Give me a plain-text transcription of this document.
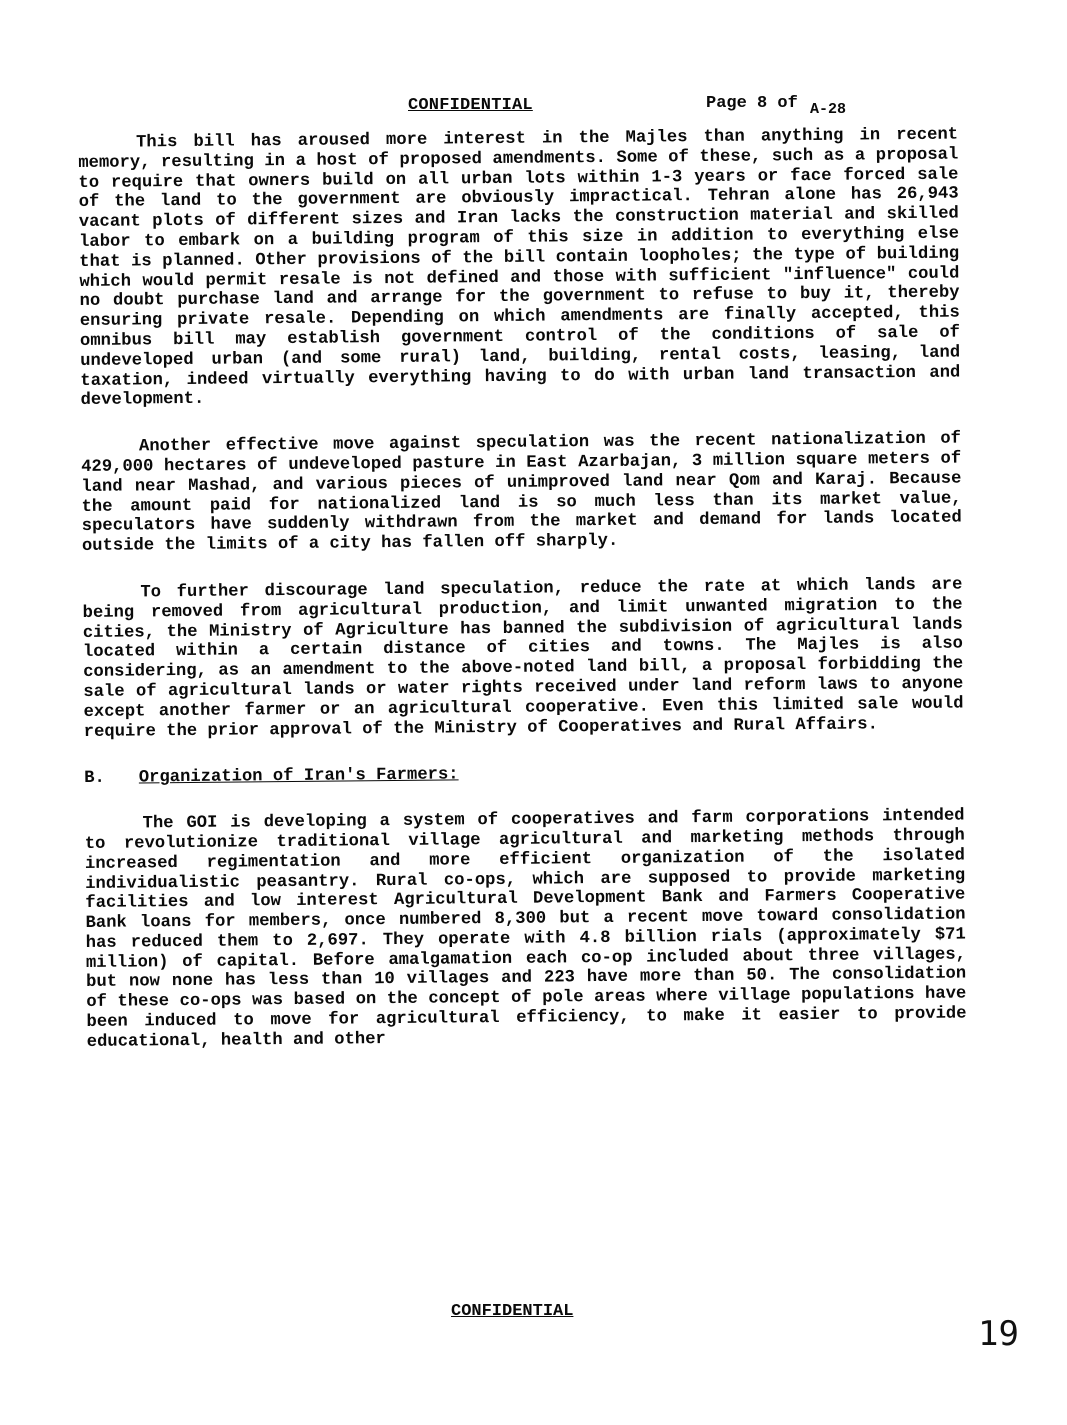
CONFIDENTIAL	Page 8 of A-28

This bill has aroused more interest in the Majles than anything in recent memory, resulting in a host of proposed amendments. Some of these, such as a proposal to require that owners build on all urban lots within 1-3 years or face forced sale of the land to the government are obviously impractical. Tehran alone has 26,943 vacant plots of different sizes and Iran lacks the construction material and skilled labor to embark on a building program of this size in addition to everything else that is planned. Other provisions of the bill contain loopholes; the type of building which would permit resale is not defined and those with sufficient "influence" could no doubt purchase land and arrange for the government to refuse to buy it, thereby ensuring private resale. Depending on which amendments are finally accepted, this omnibus bill may establish government control of the conditions of sale of undeveloped urban (and some rural) land, building, rental costs, leasing, land taxation, indeed virtually everything having to do with urban land transaction and development.

Another effective move against speculation was the recent nationalization of 429,000 hectares of undeveloped pasture in East Azarbajan, 3 million square meters of land near Mashad, and various pieces of unimproved land near Qom and Karaj. Because the amount paid for nationalized land is so much less than its market value, speculators have suddenly withdrawn from the market and demand for lands located outside the limits of a city has fallen off sharply.

To further discourage land speculation, reduce the rate at which lands are being removed from agricultural production, and limit unwanted migration to the cities, the Ministry of Agriculture has banned the subdivision of agricultural lands located within a certain distance of cities and towns. The Majles is also considering, as an amendment to the above-noted land bill, a proposal forbidding the sale of agricultural lands or water rights received under land reform laws to anyone except another farmer or an agricultural cooperative. Even this limited sale would require the prior approval of the Ministry of Cooperatives and Rural Affairs.

B. Organization of Iran's Farmers:

The GOI is developing a system of cooperatives and farm corporations intended to revolutionize traditional village agricultural and marketing methods through increased regimentation and more efficient organization of the isolated individualistic peasantry. Rural co-ops, which are supposed to provide marketing facilities and low interest Agricultural Development Bank and Farmers Cooperative Bank loans for members, once numbered 8,300 but a recent move toward consolidation has reduced them to 2,697. They operate with 4.8 billion rials (approximately $71 million) of capital. Before amalgamation each co-op included about three villages, but now none has less than 10 villages and 223 have more than 50. The consolidation of these co-ops was based on the concept of pole areas where village populations have been induced to move for agricultural efficiency, to make it easier to provide educational, health and other

CONFIDENTIAL
19
